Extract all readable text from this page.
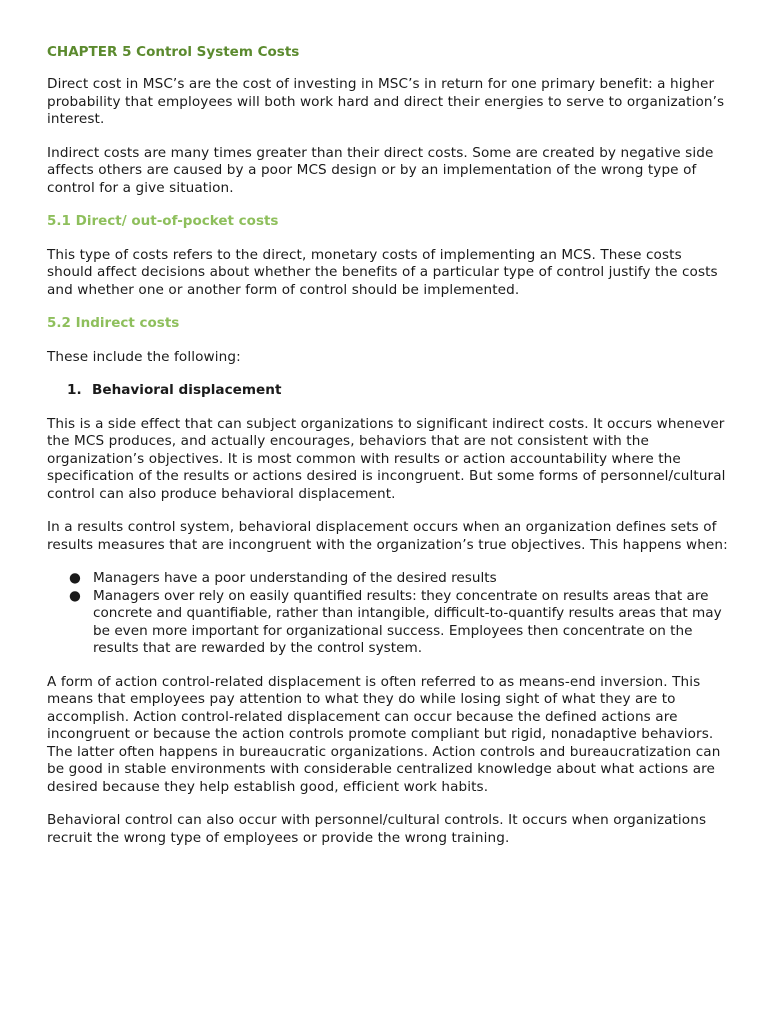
CHAPTER 5 Control System Costs

Direct cost in MSC’s are the cost of investing in MSC’s in return for one primary benefit: a higher probability that employees will both work hard and direct their energies to serve to organization’s interest.

Indirect costs are many times greater than their direct costs. Some are created by negative side affects others are caused by a poor MCS design or by an implementation of the wrong type of control for a give situation.

5.1 Direct/ out-of-pocket costs

This type of costs refers to the direct, monetary costs of implementing an MCS. These costs should affect decisions about whether the benefits of a particular type of control justify the costs and whether one or another form of control should be implemented.

5.2 Indirect costs

These include the following:

1. Behavioral displacement

This is a side effect that can subject organizations to significant indirect costs. It occurs whenever the MCS produces, and actually encourages, behaviors that are not consistent with the organization’s objectives. It is most common with results or action accountability where the specification of the results or actions desired is incongruent. But some forms of personnel/cultural control can also produce behavioral displacement.

In a results control system, behavioral displacement occurs when an organization defines sets of results measures that are incongruent with the organization’s true objectives. This happens when:

● Managers have a poor understanding of the desired results
● Managers over rely on easily quantified results: they concentrate on results areas that are concrete and quantifiable, rather than intangible, difficult-to-quantify results areas that may be even more important for organizational success. Employees then concentrate on the results that are rewarded by the control system.

A form of action control-related displacement is often referred to as means-end inversion. This means that employees pay attention to what they do while losing sight of what they are to accomplish. Action control-related displacement can occur because the defined actions are incongruent or because the action controls promote compliant but rigid, nonadaptive behaviors. The latter often happens in bureaucratic organizations. Action controls and bureaucratization can be good in stable environments with considerable centralized knowledge about what actions are desired because they help establish good, efficient work habits.

Behavioral control can also occur with personnel/cultural controls. It occurs when organizations recruit the wrong type of employees or provide the wrong training.
